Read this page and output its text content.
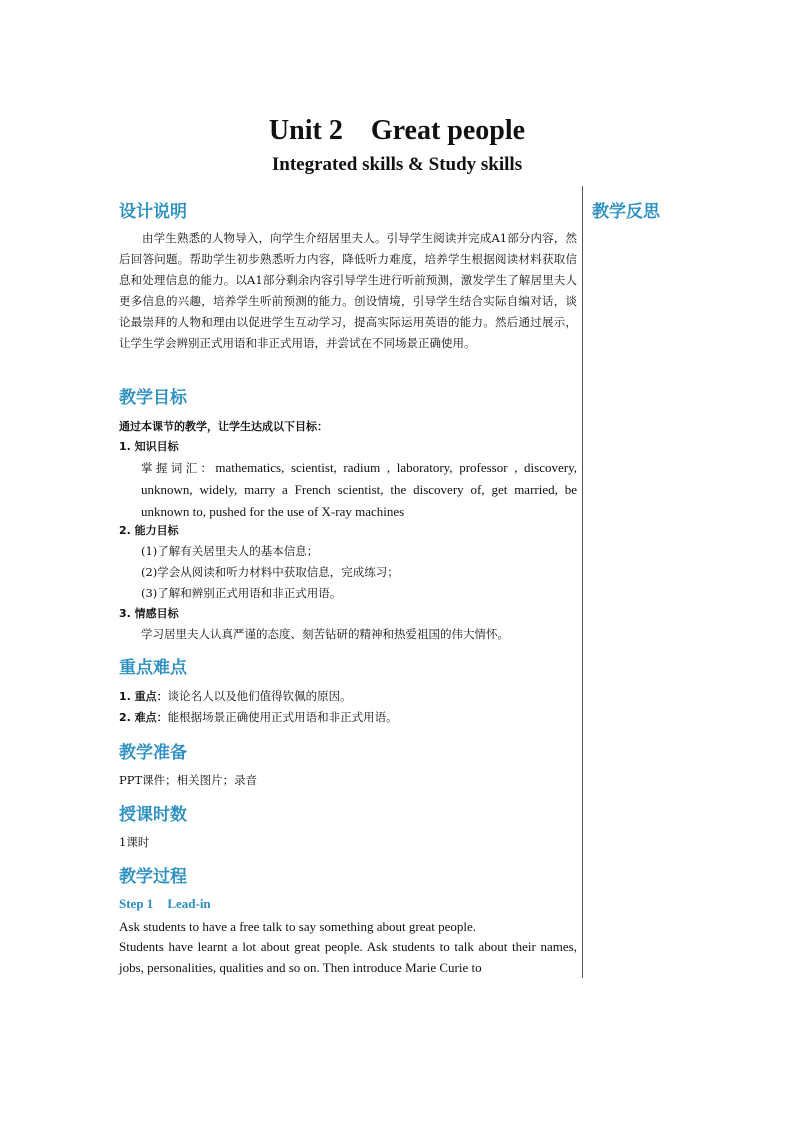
Unit 2　Great people
Integrated skills & Study skills
教学反思
设计说明
由学生熟悉的人物导入，向学生介绍居里夫人。引导学生阅读并完成A1部分内容，然后回答问题。帮助学生初步熟悉听力内容，降低听力难度，培养学生根据阅读材料获取信息和处理信息的能力。以A1部分剩余内容引导学生进行听前预测，激发学生了解居里夫人更多信息的兴趣，培养学生听前预测的能力。创设情境，引导学生结合实际自编对话，谈论最崇拜的人物和理由以促进学生互动学习，提高实际运用英语的能力。然后通过展示，让学生学会辨别正式用语和非正式用语，并尝试在不同场景正确使用。
教学目标
通过本课节的教学，让学生达成以下目标：
1. 知识目标
掌握词汇：mathematics, scientist, radium , laboratory, professor , discovery, unknown, widely, marry a French scientist, the discovery of, get married, be unknown to, pushed for the use of X-ray machines
2. 能力目标
(1)了解有关居里夫人的基本信息；
(2)学会从阅读和听力材料中获取信息，完成练习；
(3)了解和辨别正式用语和非正式用语。
3. 情感目标
学习居里夫人认真严谨的态度、刻苦钻研的精神和热爱祖国的伟大情怀。
重点难点
1. 重点：谈论名人以及他们值得钦佩的原因。
2. 难点：能根据场景正确使用正式用语和非正式用语。
教学准备
PPT课件；相关图片；录音
授课时数
1课时
教学过程
Step 1 Lead-in
Ask students to have a free talk to say something about great people.
Students have learnt a lot about great people. Ask students to talk about their names, jobs, personalities, qualities and so on. Then introduce Marie Curie to
